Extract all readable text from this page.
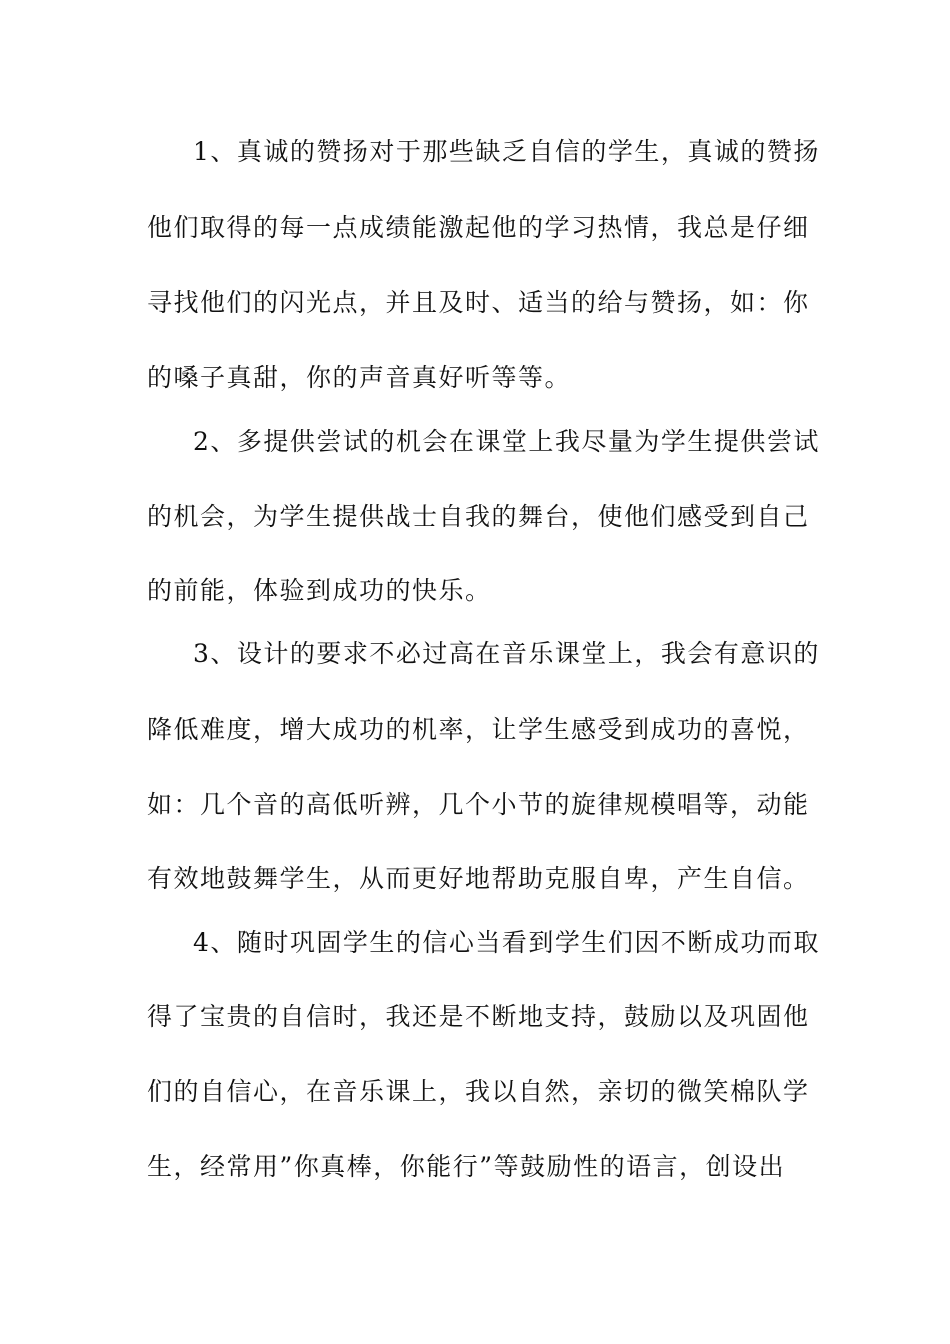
1、真诚的赞扬对于那些缺乏自信的学生，真诚的赞扬
他们取得的每一点成绩能激起他的学习热情，我总是仔细
寻找他们的闪光点，并且及时、适当的给与赞扬，如：你
的嗓子真甜，你的声音真好听等等。
2、多提供尝试的机会在课堂上我尽量为学生提供尝试
的机会，为学生提供战士自我的舞台，使他们感受到自己
的前能，体验到成功的快乐。
3、设计的要求不必过高在音乐课堂上，我会有意识的
降低难度，增大成功的机率，让学生感受到成功的喜悦，
如：几个音的高低听辨，几个小节的旋律规模唱等，动能
有效地鼓舞学生，从而更好地帮助克服自卑，产生自信。
4、随时巩固学生的信心当看到学生们因不断成功而取
得了宝贵的自信时，我还是不断地支持，鼓励以及巩固他
们的自信心，在音乐课上，我以自然，亲切的微笑棉队学
生，经常用”你真棒，你能行”等鼓励性的语言，创设出
